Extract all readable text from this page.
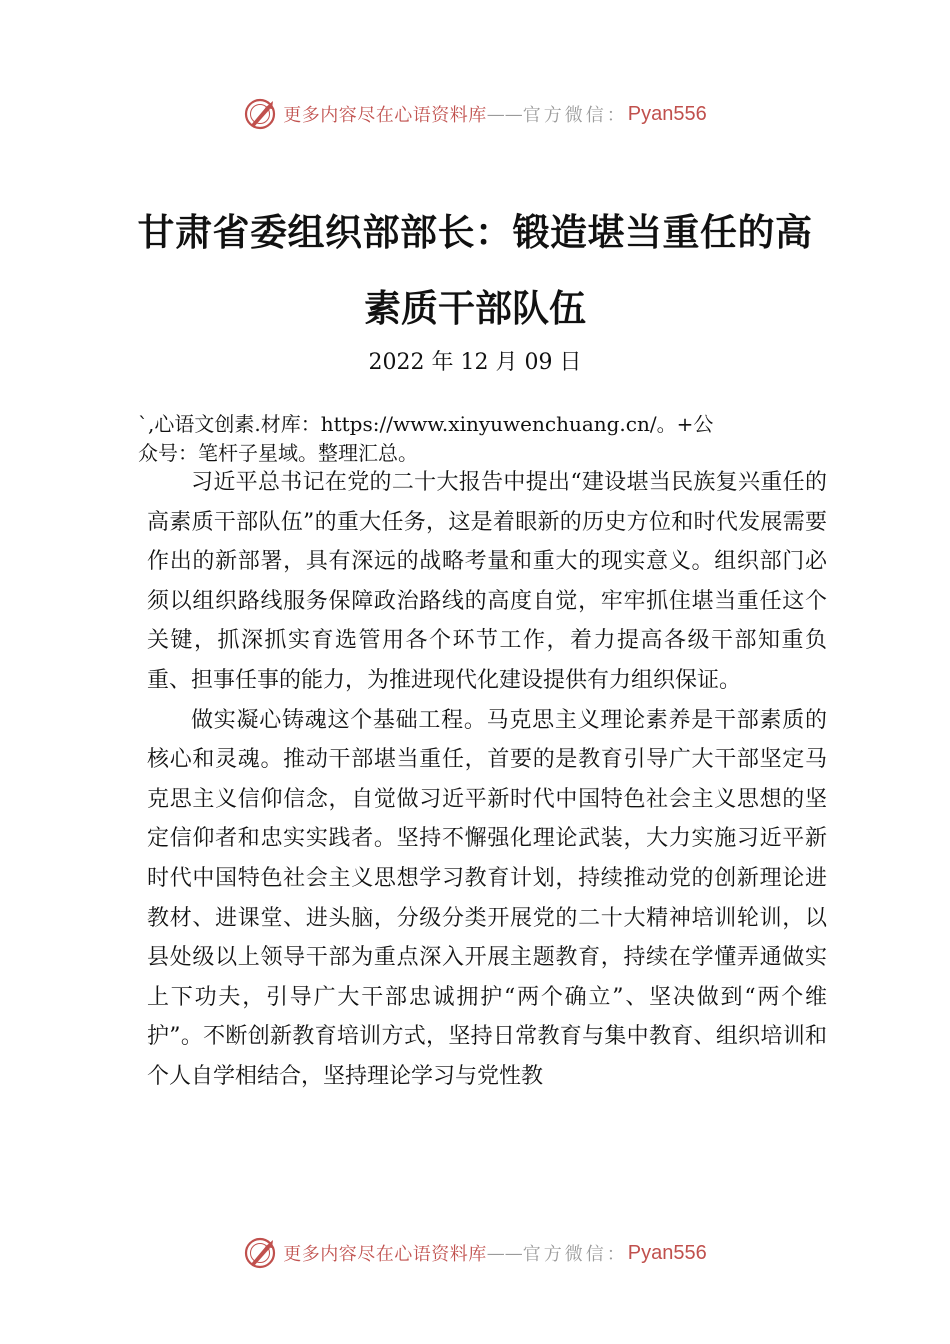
更多内容尽在心语资料库 —— 官方微信： Pyan556
甘肃省委组织部部长：锻造堪当重任的高
素质干部队伍
2022 年 12 月 09 日
`,心语文创素.材库：https://www.xinyuwenchuang.cn/。+公
众号：笔杆子星域。整理汇总。

习近平总书记在党的二十大报告中提出“建设堪当民族复兴重任的高素质干部队伍”的重大任务，这是着眼新的历史方位和时代发展需要作出的新部署，具有深远的战略考量和重大的现实意义。组织部门必须以组织路线服务保障政治路线的高度自觉，牢牢抓住堪当重任这个关键，抓深抓实育选管用各个环节工作，着力提高各级干部知重负重、担事任事的能力，为推进现代化建设提供有力组织保证。

做实凝心铸魂这个基础工程。马克思主义理论素养是干部素质的核心和灵魂。推动干部堪当重任，首要的是教育引导广大干部坚定马克思主义信仰信念，自觉做习近平新时代中国特色社会主义思想的坚定信仰者和忠实实践者。坚持不懈强化理论武装，大力实施习近平新时代中国特色社会主义思想学习教育计划，持续推动党的创新理论进教材、进课堂、进头脑，分级分类开展党的二十大精神培训轮训，以县处级以上领导干部为重点深入开展主题教育，持续在学懂弄通做实上下功夫，引导广大干部忠诚拥护“两个确立”、坚决做到“两个维护”。不断创新教育培训方式，坚持日常教育与集中教育、组织培训和个人自学相结合，坚持理论学习与党性教

更多内容尽在心语资料库 —— 官方微信： Pyan556
